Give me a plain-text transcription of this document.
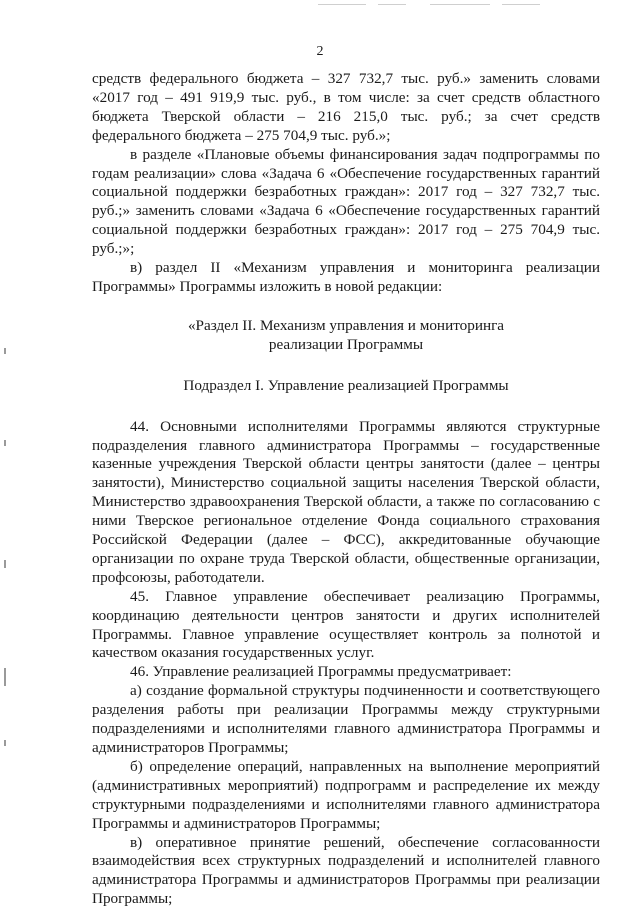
2

средств федерального бюджета – 327 732,7 тыс. руб.» заменить словами «2017 год – 491 919,9 тыс. руб., в том числе: за счет средств областного бюджета Тверской области – 216 215,0 тыс. руб.; за счет средств федерального бюджета – 275 704,9 тыс. руб.»;

в разделе «Плановые объемы финансирования задач подпрограммы по годам реализации» слова «Задача 6 «Обеспечение государственных гарантий социальной поддержки безработных граждан»: 2017 год – 327 732,7 тыс. руб.;» заменить словами «Задача 6 «Обеспечение государственных гарантий социальной поддержки безработных граждан»: 2017 год – 275 704,9 тыс. руб.;»;

в) раздел II «Механизм управления и мониторинга реализации Программы» Программы изложить в новой редакции:

«Раздел II. Механизм управления и мониторинга

реализации Программы

Подраздел I. Управление реализацией Программы

44. Основными исполнителями Программы являются структурные подразделения главного администратора Программы – государственные казенные учреждения Тверской области центры занятости (далее – центры занятости), Министерство социальной защиты населения Тверской области, Министерство здравоохранения Тверской области, а также по согласованию с ними Тверское региональное отделение Фонда социального страхования Российской Федерации (далее – ФСС), аккредитованные обучающие организации по охране труда Тверской области, общественные организации, профсоюзы, работодатели.

45. Главное управление обеспечивает реализацию Программы, координацию деятельности центров занятости и других исполнителей Программы. Главное управление осуществляет контроль за полнотой и качеством оказания государственных услуг.

46. Управление реализацией Программы предусматривает:

а) создание формальной структуры подчиненности и соответствующего разделения работы при реализации Программы между структурными подразделениями и исполнителями главного администратора Программы и администраторов Программы;

б) определение операций, направленных на выполнение мероприятий (административных мероприятий) подпрограмм и распределение их между структурными подразделениями и исполнителями главного администратора Программы и администраторов Программы;

в) оперативное принятие решений, обеспечение согласованности взаимодействия всех структурных подразделений и исполнителей главного администратора Программы и администраторов Программы при реализации Программы;
